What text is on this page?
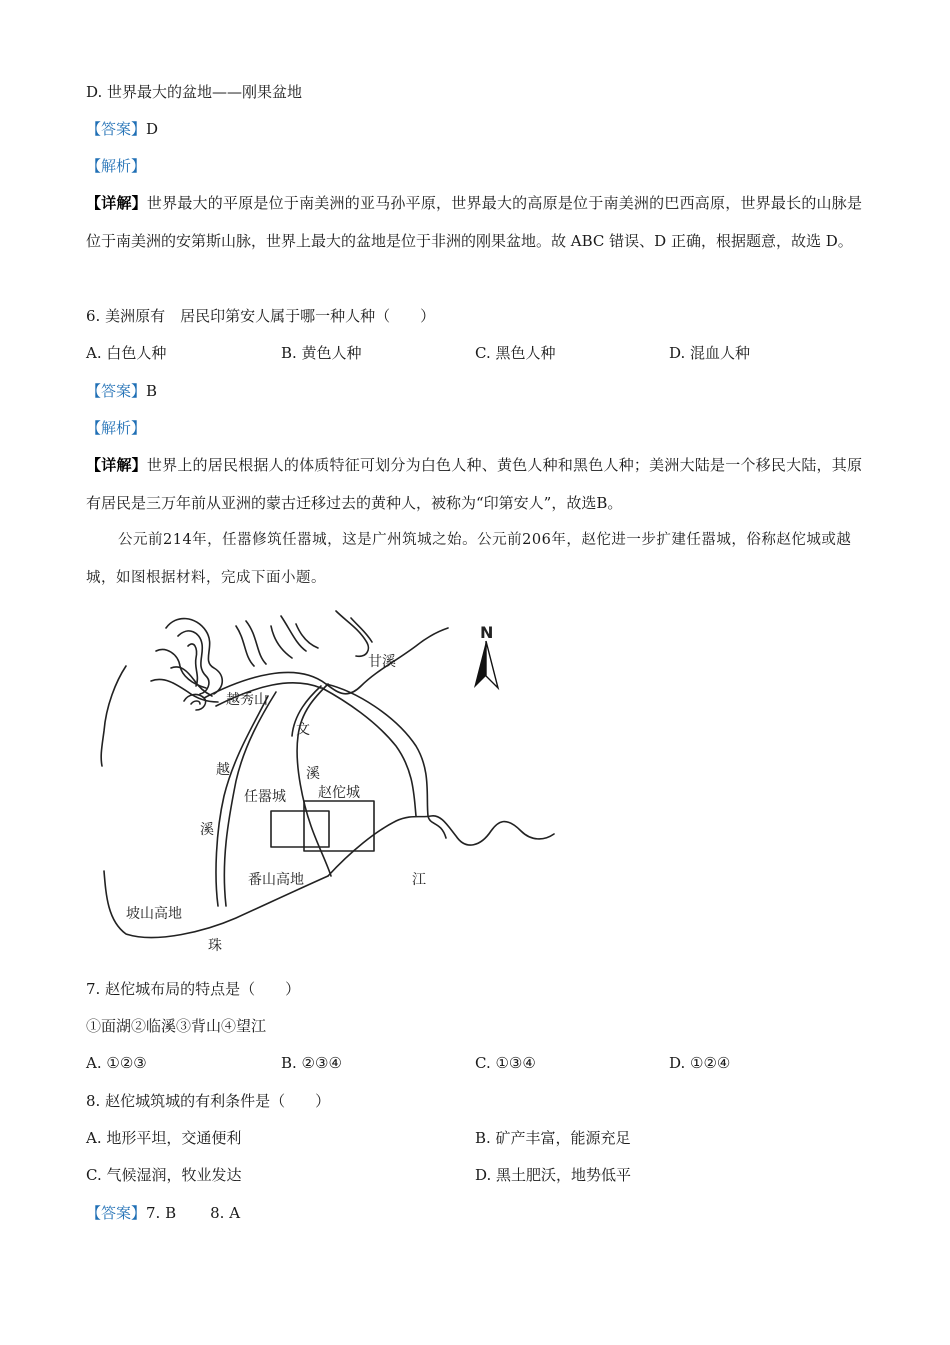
D. 世界最大的盆地——刚果盆地
【答案】D
【解析】
【详解】世界最大的平原是位于南美洲的亚马孙平原，世界最大的高原是位于南美洲的巴西高原，世界最长的山脉是位于南美洲的安第斯山脉，世界上最大的盆地是位于非洲的刚果盆地。故 ABC 错误、D 正确，根据题意，故选 D。
6. 美洲原有　居民印第安人属于哪一种人种（　　）
A. 白色人种	B. 黄色人种	C. 黑色人种	D. 混血人种
【答案】B
【解析】
【详解】世界上的居民根据人的体质特征可划分为白色人种、黄色人种和黑色人种；美洲大陆是一个移民大陆，其原有居民是三万年前从亚洲的蒙古迁移过去的黄种人，被称为“印第安人”，故选B。
公元前214年，任嚣修筑任嚣城，这是广州筑城之始。公元前206年，赵佗进一步扩建任嚣城，俗称赵佗城或越城，如图根据材料，完成下面小题。
N
甘溪
越秀山
文
越	溪
任嚣城 赵佗城
溪
番山高地	江
坡山高地
珠
7. 赵佗城布局的特点是（　　）
①面湖②临溪③背山④望江
A. ①②③	B. ②③④	C. ①③④	D. ①②④
8. 赵佗城筑城的有利条件是（　　）
A. 地形平坦，交通便利	B. 矿产丰富，能源充足
C. 气候湿润，牧业发达	D. 黑土肥沃，地势低平
【答案】7. B 8. A
